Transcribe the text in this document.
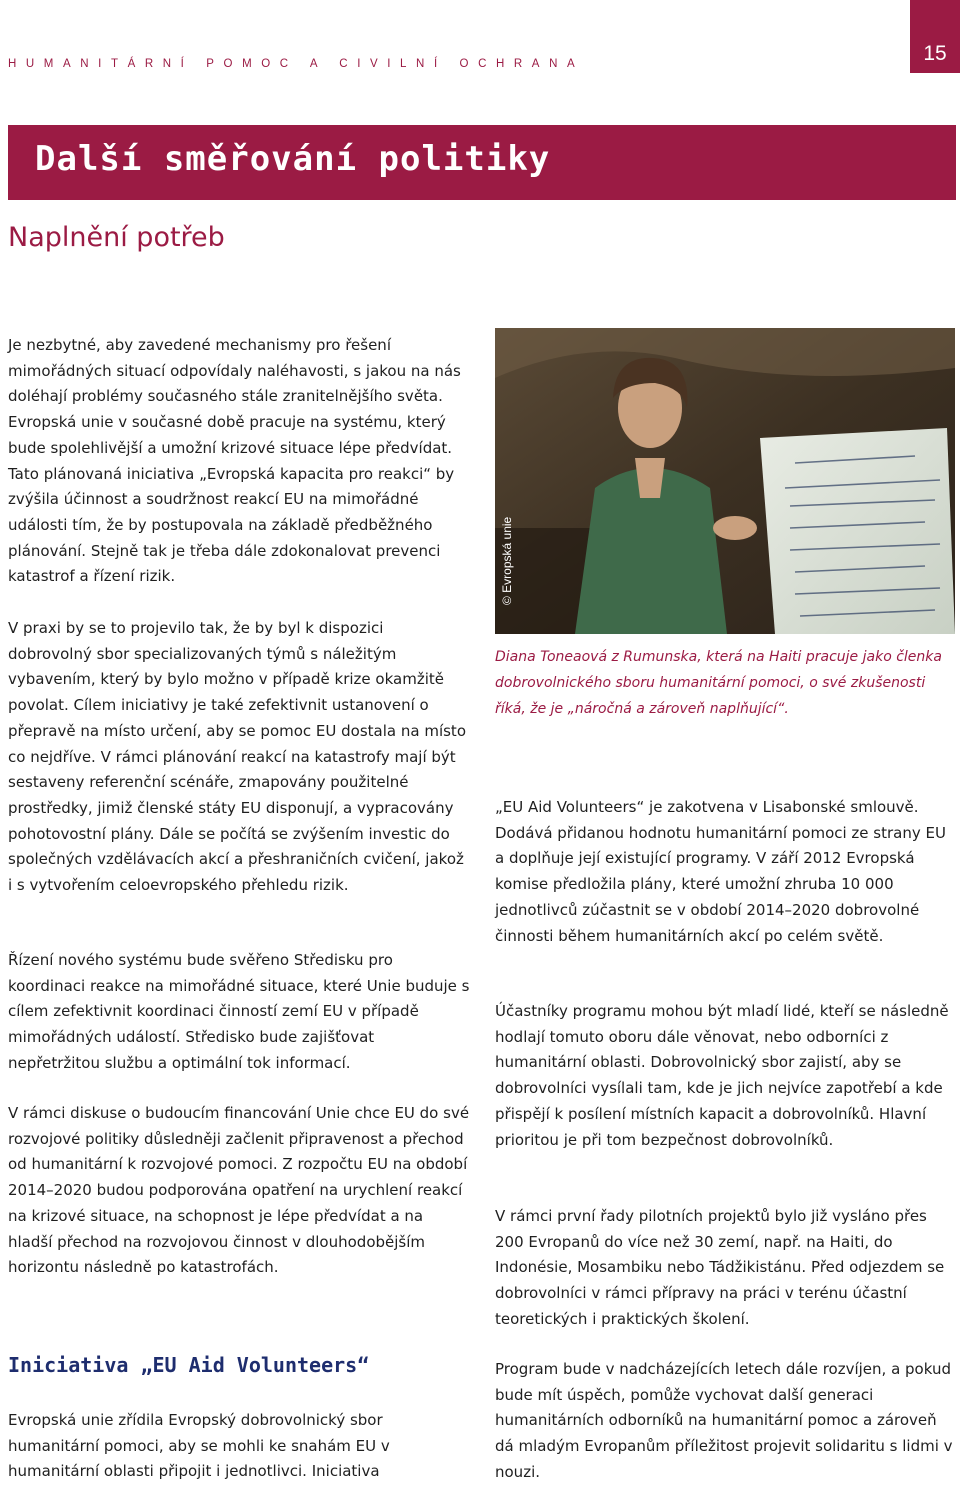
HUMANITÁRNÍ POMOC A CIVILNÍ OCHRANA	15
Další směřování politiky
Naplnění potřeb

Je nezbytné, aby zavedené mechanismy pro řešení mimořádných situací odpovídaly naléhavosti, s jakou na nás doléhají problémy současného stále zranitelnějšího světa. Evropská unie v současné době pracuje na systému, který bude spolehlivější a umožní krizové situace lépe předvídat. Tato plánovaná iniciativa „Evropská kapacita pro reakci“ by zvýšila účinnost a soudržnost reakcí EU na mimořádné události tím, že by postupovala na základě předběžného plánování. Stejně tak je třeba dále zdokonalovat prevenci katastrof a řízení rizik.

V praxi by se to projevilo tak, že by byl k dispozici dobrovolný sbor specializovaných týmů s náležitým vybavením, který by bylo možno v případě krize okamžitě povolat. Cílem iniciativy je také zefektivnit ustanovení o přepravě na místo určení, aby se pomoc EU dostala na místo co nejdříve. V rámci plánování reakcí na katastrofy mají být sestaveny referenční scénáře, zmapovány použitelné prostředky, jimiž členské státy EU disponují, a vypracovány pohotovostní plány. Dále se počítá se zvýšením investic do společných vzdělávacích akcí a přeshraničních cvičení, jakož i s vytvořením celoevropského přehledu rizik.

Řízení nového systému bude svěřeno Středisku pro koordinaci reakce na mimořádné situace, které Unie buduje s cílem zefektivnit koordinaci činností zemí EU v případě mimořádných událostí. Středisko bude zajišťovat nepřetržitou službu a optimální tok informací.

V rámci diskuse o budoucím financování Unie chce EU do své rozvojové politiky důsledněji začlenit připravenost a přechod od humanitární k rozvojové pomoci. Z rozpočtu EU na období 2014–2020 budou podporována opatření na urychlení reakcí na krizové situace, na schopnost je lépe předvídat a na hladší přechod na rozvojovou činnost v dlouhodobějším horizontu následně po katastrofách.

Iniciativa „EU Aid Volunteers“

Evropská unie zřídila Evropský dobrovolnický sbor humanitární pomoci, aby se mohli ke snahám EU v humanitární oblasti připojit i jednotlivci. Iniciativa

© Evropská unie

Diana Toneaová z Rumunska, která na Haiti pracuje jako členka dobrovolnického sboru humanitární pomoci, o své zkušenosti říká, že je „náročná a zároveň naplňující“.

„EU Aid Volunteers“ je zakotvena v Lisabonské smlouvě. Dodává přidanou hodnotu humanitární pomoci ze strany EU a doplňuje její existující programy. V září 2012 Evropská komise předložila plány, které umožní zhruba 10 000 jednotlivců zúčastnit se v období 2014–2020 dobrovolné činnosti během humanitárních akcí po celém světě.

Účastníky programu mohou být mladí lidé, kteří se následně hodlají tomuto oboru dále věnovat, nebo odborníci z humanitární oblasti. Dobrovolnický sbor zajistí, aby se dobrovolníci vysílali tam, kde je jich nejvíce zapotřebí a kde přispějí k posílení místních kapacit a dobrovolníků. Hlavní prioritou je při tom bezpečnost dobrovolníků.

V rámci první řady pilotních projektů bylo již vysláno přes 200 Evropanů do více než 30 zemí, např. na Haiti, do Indonésie, Mosambiku nebo Tádžikistánu. Před odjezdem se dobrovolníci v rámci přípravy na práci v terénu účastní teoretických i praktických školení.

Program bude v nadcházejících letech dále rozvíjen, a pokud bude mít úspěch, pomůže vychovat další generaci humanitárních odborníků na humanitární pomoc a zároveň dá mladým Evropanům příležitost projevit solidaritu s lidmi v nouzi.
